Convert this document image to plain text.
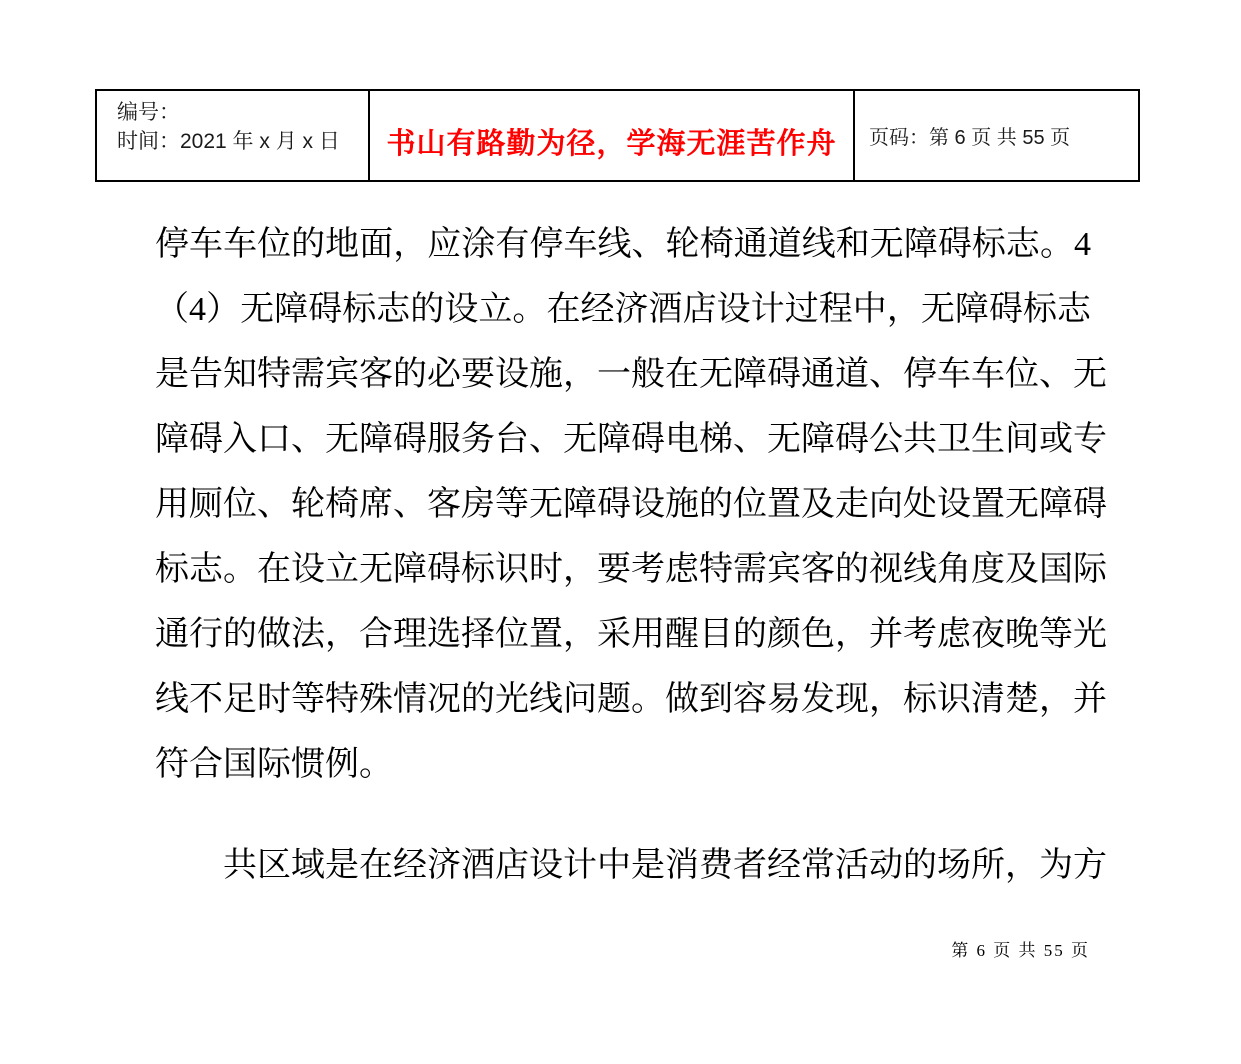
编号：
时间：2021 年 x 月 x 日	书山有路勤为径，学海无涯苦作舟 页码：第 6 页 共 55 页
停车车位的地面，应涂有停车线、轮椅通道线和无障碍标志。4
（4）无障碍标志的设立。在经济酒店设计过程中，无障碍标志
是告知特需宾客的必要设施，一般在无障碍通道、停车车位、无
障碍入口、无障碍服务台、无障碍电梯、无障碍公共卫生间或专
用厕位、轮椅席、客房等无障碍设施的位置及走向处设置无障碍
标志。在设立无障碍标识时，要考虑特需宾客的视线角度及国际
通行的做法，合理选择位置，采用醒目的颜色，并考虑夜晚等光
线不足时等特殊情况的光线问题。做到容易发现，标识清楚，并
符合国际惯例。
共区域是在经济酒店设计中是消费者经常活动的场所，为方
第 6 页 共 55 页
